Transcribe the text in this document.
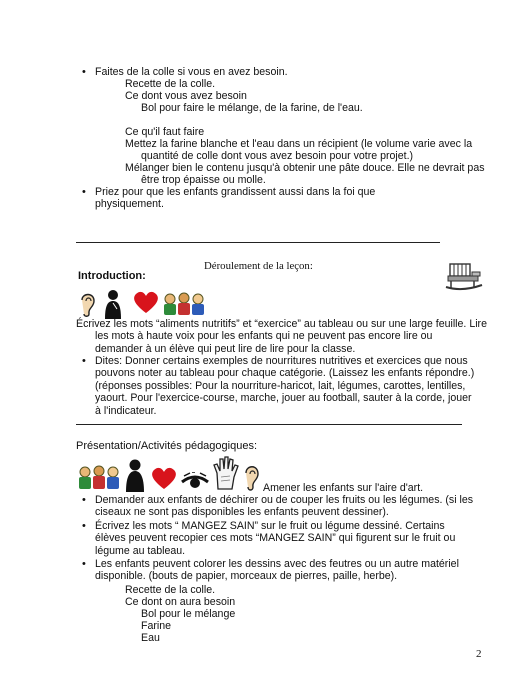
• Faites de la colle si vous en avez besoin.
Recette de la colle.
Ce dont vous avez besoin
Bol pour faire le mélange, de la farine, de l'eau.
Ce qu'il faut faire
Mettez la farine blanche et l'eau dans un récipient (le volume varie avec la
quantité de colle dont vous avez besoin pour votre projet.)
Mélanger bien le contenu jusqu'à obtenir une pâte douce. Elle ne devrait pas
être trop épaisse ou molle.
• Priez pour que les enfants grandissent aussi dans la foi que
physiquement.
Déroulement de la leçon:
Introduction:
Écrivez les mots “aliments nutritifs” et “exercice” au tableau ou sur une large feuille. Lire
les mots à haute voix pour les enfants qui ne peuvent pas encore lire ou
demander à un élève qui peut lire de lire pour la classe.
• Dites: Donner certains exemples de nourritures nutritives et exercices que nous
pouvons noter au tableau pour chaque catégorie. (Laissez les enfants répondre.)
(réponses possibles: Pour la nourriture-haricot, lait, légumes, carottes, lentilles,
yaourt. Pour l'exercice-course, marche, jouer au football, sauter à la corde, jouer
à l'indicateur.
Présentation/Activités pédagogiques:
Amener les enfants sur l'aire d'art.
• Demander aux enfants de déchirer ou de couper les fruits ou les légumes. (si les
ciseaux ne sont pas disponibles les enfants peuvent dessiner).
• Écrivez les mots “ MANGEZ SAIN” sur le fruit ou légume dessiné. Certains
élèves peuvent recopier ces mots “MANGEZ SAIN” qui figurent sur le fruit ou
légume au tableau.
• Les enfants peuvent colorer les dessins avec des feutres ou un autre matériel
disponible. (bouts de papier, morceaux de pierres, paille, herbe).
Recette de la colle.
Ce dont on aura besoin
Bol pour le mélange
Farine
Eau
2
